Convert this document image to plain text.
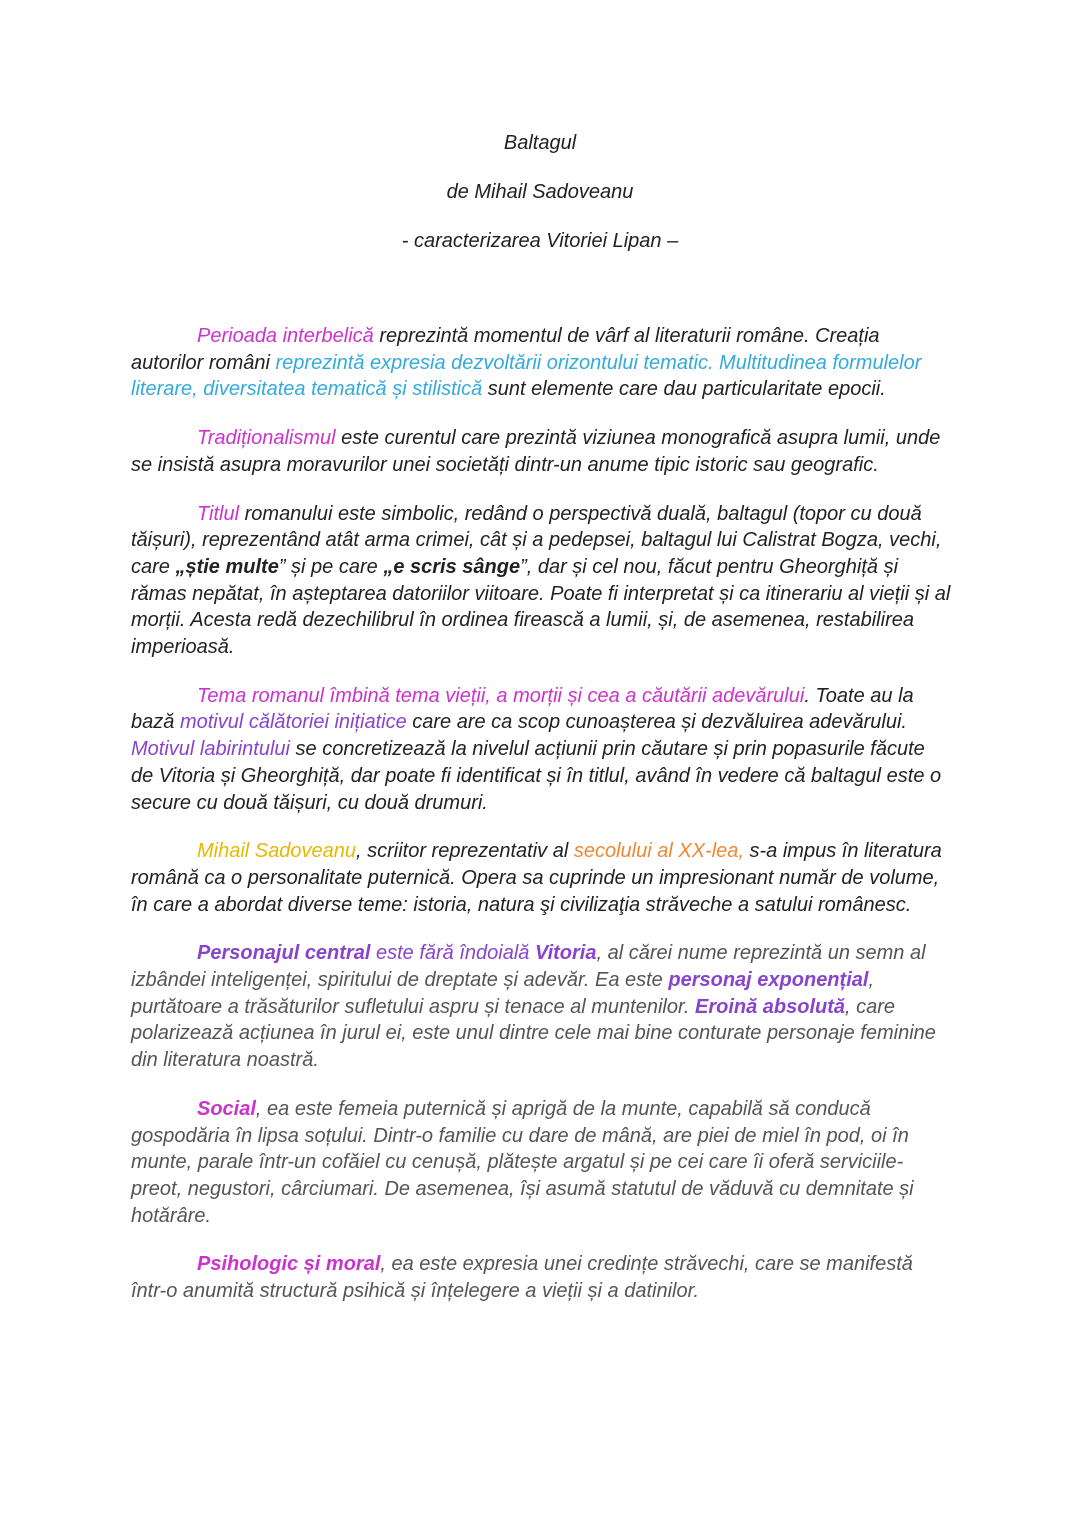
Baltagul
de Mihail Sadoveanu
- caracterizarea Vitoriei Lipan –

Perioada interbelică reprezintă momentul de vârf al literaturii române. Creația autorilor români reprezintă expresia dezvoltării orizontului tematic. Multitudinea formulelor literare, diversitatea tematică și stilistică sunt elemente care dau particularitate epocii.

Tradiționalismul este curentul care prezintă viziunea monografică asupra lumii, unde se insistă asupra moravurilor unei societăți dintr-un anume tipic istoric sau geografic.

Titlul romanului este simbolic, redând o perspectivă duală, baltagul (topor cu două tăișuri), reprezentând atât arma crimei, cât și a pedepsei, baltagul lui Calistrat Bogza, vechi, care „știe multe” și pe care „e scris sânge”, dar și cel nou, făcut pentru Gheorghiță și rămas nepătat, în așteptarea datoriilor viitoare. Poate fi interpretat și ca itinerariu al vieții și al morții. Acesta redă dezechilibrul în ordinea firească a lumii, și, de asemenea, restabilirea imperioasă.

Tema romanul îmbină tema vieții, a morții și cea a căutării adevărului. Toate au la bază motivul călătoriei inițiatice care are ca scop cunoașterea și dezvăluirea adevărului. Motivul labirintului se concretizează la nivelul acțiunii prin căutare și prin popasurile făcute de Vitoria și Gheorghiță, dar poate fi identificat și în titlul, având în vedere că baltagul este o secure cu două tăișuri, cu două drumuri.

Mihail Sadoveanu, scriitor reprezentativ al secolului al XX-lea, s-a impus în literatura română ca o personalitate puternică. Opera sa cuprinde un impresionant număr de volume, în care a abordat diverse teme: istoria, natura şi civilizaţia străveche a satului românesc.

Personajul central este fără îndoială Vitoria, al cărei nume reprezintă un semn al izbândei inteligenței, spiritului de dreptate și adevăr. Ea este personaj exponențial, purtătoare a trăsăturilor sufletului aspru și tenace al muntenilor. Eroină absolută, care polarizează acțiunea în jurul ei, este unul dintre cele mai bine conturate personaje feminine din literatura noastră.

Social, ea este femeia puternică și aprigă de la munte, capabilă să conducă gospodăria în lipsa soțului. Dintr-o familie cu dare de mână, are piei de miel în pod, oi în munte, parale într-un cofăiel cu cenușă, plătește argatul și pe cei care îi oferă serviciile-preot, negustori, cârciumari. De asemenea, își asumă statutul de văduvă cu demnitate și hotărâre.

Psihologic și moral, ea este expresia unei credințe străvechi, care se manifestă într-o anumită structură psihică și înțelegere a vieții și a datinilor.
